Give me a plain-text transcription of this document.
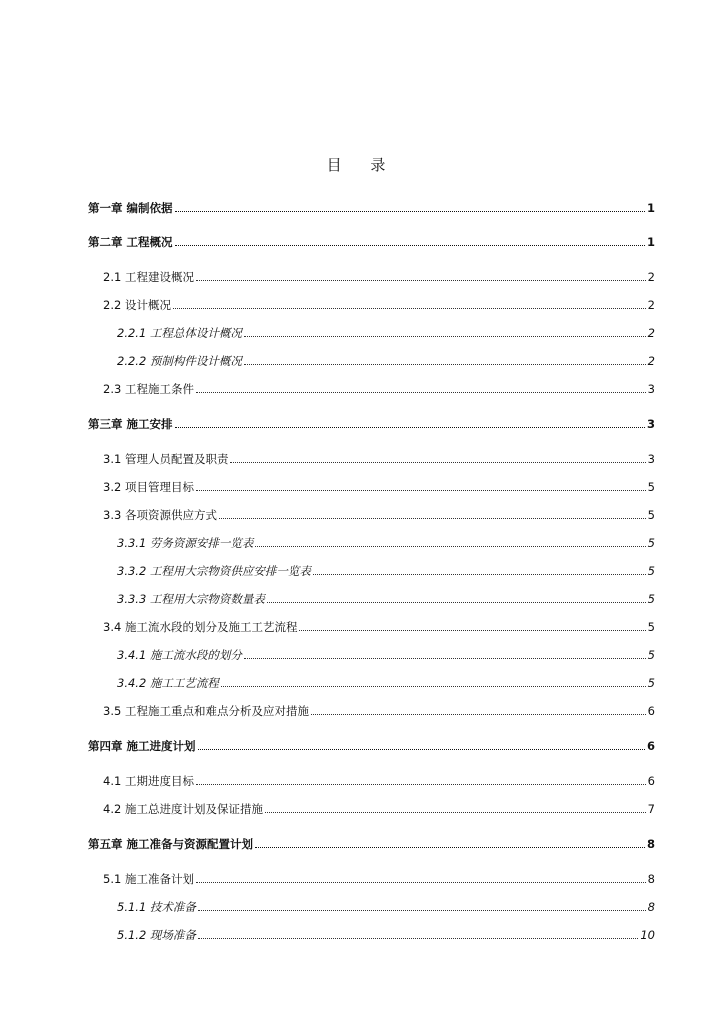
目 录
第一章 编制依据	1
第二章 工程概况	1
2.1 工程建设概况	2
2.2 设计概况	2
2.2.1 工程总体设计概况	2
2.2.2 预制构件设计概况	2
2.3 工程施工条件	3
第三章 施工安排	3
3.1 管理人员配置及职责	3
3.2 项目管理目标	5
3.3 各项资源供应方式	5
3.3.1 劳务资源安排一览表	5
3.3.2 工程用大宗物资供应安排一览表	5
3.3.3 工程用大宗物资数量表	5
3.4 施工流水段的划分及施工工艺流程	5
3.4.1 施工流水段的划分	5
3.4.2 施工工艺流程	5
3.5 工程施工重点和难点分析及应对措施	6
第四章 施工进度计划	6
4.1 工期进度目标	6
4.2 施工总进度计划及保证措施	7
第五章 施工准备与资源配置计划	8
5.1 施工准备计划	8
5.1.1 技术准备	8
5.1.2 现场准备	10
